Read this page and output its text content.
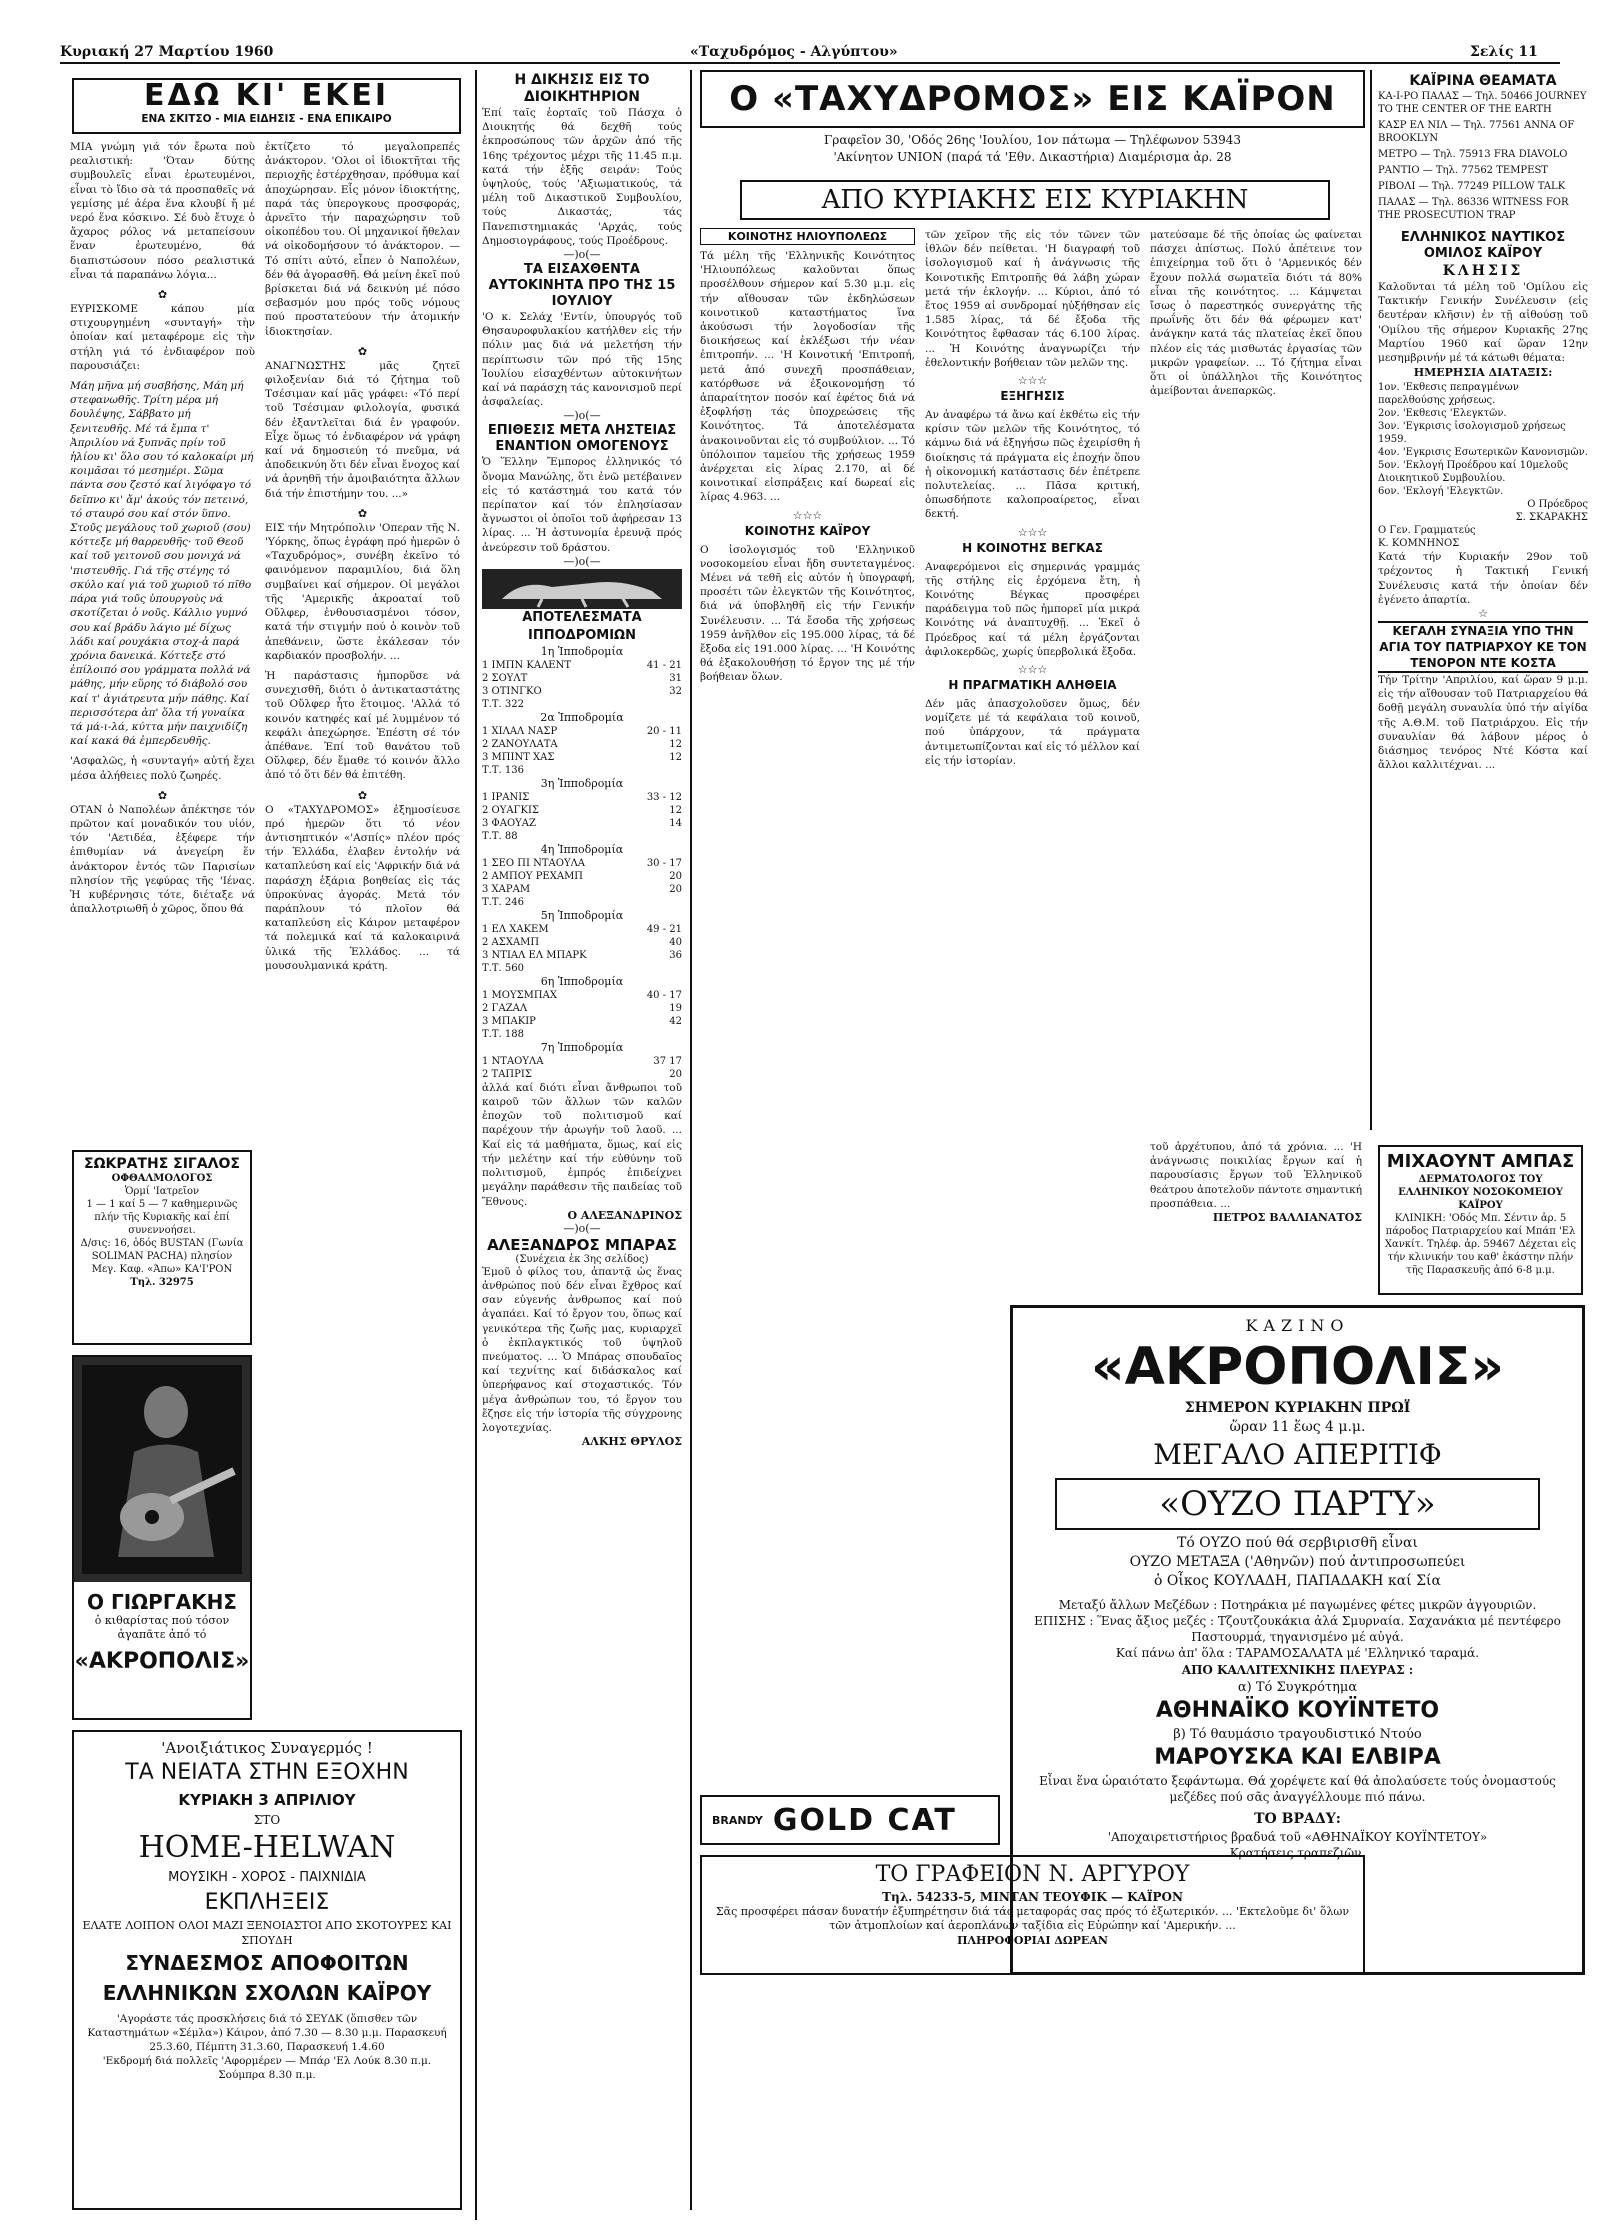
Κυριακή 27 Μαρτίου 1960	«Ταχυδρόμος - Αλγύπτου»	Σελίς 11
ΕΔΩ ΚΙ' ΕΚΕΙ
ΕΝΑ ΣΚΙΤΣΟ - ΜΙΑ ΕΙΔΗΣΙΣ - ΕΝΑ ΕΠΙΚΑΙΡΟ

ΜΙΑ γνώμη γιά τόν ἔρωτα ποὺ ρεαλιστική: 'Όταν δύτης συμβουλεῖς εἶναι ἐρωτευμένοι, εἶναι τὸ ἴδιο σὰ τά προσπαθεῖς νά γεμίσης μέ ἀέρα ἕνα κλουβί ἤ μέ νερό ἕνα κόσκινο. Σέ δυὸ ἔτυχε ὁ ἄχαρος ρόλος νά μεταπείσουν ἕναν ἐρωτευμένο, θά διαπιστώσουν πόσο ρεαλιστικά εἶναι τά παραπάνω λόγια...

✿

ΕΥΡΙΣΚΟΜΕ κάπου μία στιχουργημένη «συνταγή» τὴν ὁποίαν καί μεταφέρομε εἰς τὴν στήλη γιά τό ἐνδιαφέρον ποὺ παρουσιάζει:

Μάη μῆνα μή συσβήσης, Μάη μή στεφανωθῆς. Τρίτη μέρα μή δουλέψης, Σάββατο μή ξενιτευθῆς. Μέ τά ἔμπα τ' Ἀπριλίου νά ξυπνᾶς πρίν τοῦ ἡλίου κι' ὅλο σου τό καλοκαίρι μή κοιμᾶσαι τό μεσημέρι. Σῶμα πάντα σου ζεστό καί λιγόφαγο τό δεῖπνο κι' ἄμ' ἀκούς τόν πετεινό, τό σταυρό σου καί στόν ὕπνο. Στοῦς μεγάλους τοῦ χωριοῦ (σου) κόττεξε μή θαρρευθῆς· τοῦ Θεοῦ καί τοῦ γειτονοῦ σου μονιχά νά 'πιστευθῆς. Γιά τῆς στέγης τό σκύλο καί γιά τοῦ χωριοῦ τό πῖθο πάρα γιά τοῦς ὑπουργοὺς νά σκοτίζεται ὁ νοῦς. Κάλλιο γυμνό σου καί βράδυ λάγιο μέ δίχως λάδι καί ρουχάκια στοχ-ἀ παρά χρόνια δανεικά. Κόττεξε στό ἐπίλοιπό σου γράμματα πολλά νά μάθης, μήν εὕρης τό διάβολό σου καί τ' ἀγιάτρευτα μήν πάθης. Καί περισσότερα ἀπ' ὅλα τή γυναίκα τά μά-ι-λά, κύττα μήν παιχνιδίζη καί κακά θά ἐμπερδευθῆς.

'Ασφαλῶς, ἡ «συνταγή» αὐτή ἔχει μέσα ἀλήθειες πολύ ζωηρές.

✿

ΟΤΑΝ ὁ Ναπολέων ἀπέκτησε τόν πρῶτον καί μοναδικόν του υἱόν, τόν 'Αετιδέα, ἐξέφερε τήν ἐπιθυμίαν νά ἀνεγείρη ἕν ἀνάκτορον ἐντός τῶν Παρισίων πλησίον τῆς γεφύρας τῆς 'Ιένας. Ἡ κυβέρνησις τότε, διέταξε νά ἀπαλλοτριωθῆ ὁ χῶρος, ὅπου θά

ἐκτίζετο τό μεγαλοπρεπές ἀνάκτορον. 'Ολοι οἱ ἰδιοκτῆται τῆς περιοχῆς ἐστέρχθησαν, πρόθυμα καί ἀποχώρησαν. Εἷς μόνον ἰδιοκτήτης, παρά τάς ὑπερογκους προσφοράς, ἀρνεῖτο τήν παραχώρησιν τοῦ οἰκοπέδου του. Οἱ μηχανικοί ἤθελαν νά οἰκοδομήσουν τό ἀνάκτορον. — Τό σπίτι αὐτό, εἶπεν ὁ Ναπολέων, δέν θά ἀγορασθῆ. Θά μείνη ἐκεῖ πού βρίσκεται διά νά δεικνύη μέ πόσο σεβασμόν μου πρός τοῦς νόμους πού προστατεύουν τήν ἀτομικήν ἰδιοκτησίαν.

✿

ΑΝΑΓΝΩΣΤΗΣ μᾶς ζητεῖ φιλοξενίαν διά τό ζήτημα τοῦ Τσέσιμαν καί μᾶς γράφει: «Τό περί τοῦ Τσέσιμαν φιλολογία, φυσικά δέν ἐξαντλεῖται διά ἐν γραφούν. Εἶχε ὅμως τό ἐνδιαφέρον νά γράφη καί νά δημοσιεύη τό πνεῦμα, νά ἀποδεικνύη ὅτι δέν εἶναι ἔνοχος καί νά ἀρνηθῆ τήν ἀμοιβαιότητα ἄλλων διά τήν ἐπιστήμην του. ...»

✿

ΕΙΣ τήν Μητρόπολιν 'Οπεραν τῆς Ν. 'Υόρκης, ὅπως ἐγράφη πρό ἡμερῶν ὁ «Ταχυδρόμος», συνέβη ἐκεῖνο τό φαινόμενον παραμιλίου, διά ὅλη συμβαίνει καί σήμερον. Οἱ μεγάλοι τῆς 'Αμερικῆς ἀκροαταί τοῦ Οὔλφερ, ἐνθουσιασμένοι τόσον, κατά τήν στιγμήν πού ὁ κοινὸν τοῦ ἀπεθάνειν, ὥστε ἐκάλεσαν τόν καρδιακόν προσβολήν. ...

Ἡ παράστασις ἠμπορῦσε νά συνεχισθῆ, διότι ὁ ἀντικαταστάτης τοῦ Οὔλφερ ἦτο ἕτοιμος. 'Αλλά τό κοινόν κατηφές καί μέ λυμμένον τό κεφάλι ἀπεχώρησε. Ἐπέστη σέ τόν ἀπέθανε. Ἐπί τοῦ θανάτου τοῦ Οὔλφερ, δέν ἔμαθε τό κοινόν ἄλλο ἀπό τό ὅτι δέν θά ἐπιτέθη.

✿

Ο «ΤΑΧΥΔΡΟΜΟΣ» ἐξημοσίευσε πρό ἡμερῶν ὅτι τό νέον ἀντισηπτικόν «'Ασπίς» πλέον πρός τήν Ἑλλάδα, ἐλαβεν ἐντολήν νά καταπλεύση καί εἰς 'Αφρικήν διά νά παράσχη ἐξάρια βοηθείας εἰς τάς ὑπροκύνας ἀγοράς. Μετά τόν παράπλουν τό πλοῖον θά καταπλεύση εἰς Κάιρον μεταφέρον τά πολεμικά καί τά καλοκαιρινά ὑλικά τῆς Ἑλλάδος. ... τά μουσουλμανικά κράτη.

ΣΩΚΡΑΤΗΣ ΣΙΓΑΛΟΣ
ΟΦΘΑΛΜΟΛΟΓΟΣ
Ὁρμί 'Ιατρεῖον
1 — 1 καί 5 — 7 καθημερινῶς πλήν τῆς Κυριακῆς καί ἐπί συνεννοήσει.
Δ/σις: 16, ὁδός BUSTAN (Γωνία SOLIMAN PACHA) πλησίον Μεγ. Καφ. «Άπω» ΚΑ'Ι'ΡΟΝ
Τηλ. 32975
Ο ΓΙΩΡΓΑΚΗΣ
ὁ κιθαρίστας πού τόσον ἀγαπᾶτε ἀπό τό
«ΑΚΡΟΠΟΛΙΣ»
'Ανοιξιάτικος Συναγερμός !
ΤΑ ΝΕΙΑΤΑ ΣΤΗΝ ΕΞΟΧΗΝ
ΚΥΡΙΑΚΗ 3 ΑΠΡΙΛΙΟΥ
ΣΤΟ
HOME-HELWAN
ΜΟΥΣΙΚΗ - ΧΟΡΟΣ - ΠΑΙΧΝΙΔΙΑ
ΕΚΠΛΗΞΕΙΣ
ΕΛΑΤΕ ΛΟΙΠΟΝ ΟΛΟΙ ΜΑΖΙ ΞΕΝΟΙΑΣΤΟΙ ΑΠΟ ΣΚΟΤΟΥΡΕΣ ΚΑΙ ΣΠΟΥΔΗ
ΣΥΝΔΕΣΜΟΣ ΑΠΟΦΟΙΤΩΝ
ΕΛΛΗΝΙΚΩΝ ΣΧΟΛΩΝ ΚΑΪΡΟΥ
'Αγοράστε τάς προσκλήσεις διά τό ΣΕΥΔΚ (ὅπισθεν τῶν Καταστημάτων «Σέμλα») Κάιρον, ἀπό 7.30 — 8.30 μ.μ. Παρασκευή 25.3.60, Πέμπτη 31.3.60, Παρασκευή 1.4.60
'Εκδρομή διά πολλεῖς 'Αφορμέρεν — Μπάρ 'Ελ Λούκ 8.30 π.μ. Σούμπρα 8.30 π.μ.
Η ΔΙΚΗΣΙΣ ΕΙΣ ΤΟ ΔΙΟΙΚΗΤΗΡΙΟΝ
Ἐπί ταῖς ἑορταῖς τοῦ Πάσχα ὁ Διοικητής θά δεχθῆ τούς ἐκπροσώπους τῶν ἀρχῶν ἀπό τῆς 16ης τρέχοντος μέχρι τῆς 11.45 π.μ. κατά τήν ἑξῆς σειράν: Τούς ὑψηλούς, τούς 'Αξιωματικούς, τά μέλη τοῦ Δικαστικοῦ Συμβουλίου, τούς Δικαστάς, τάς Πανεπιστημιακάς 'Αρχάς, τούς Δημοσιογράφους, τούς Προέδρους.
—)o(—
ΤΑ ΕΙΣΑΧΘΕΝΤΑ ΑΥΤΟΚΙΝΗΤΑ ΠΡΟ ΤΗΣ 15 ΙΟΥΛΙΟΥ
'Ο κ. Σελάχ 'Εντίν, ὑπουργός τοῦ Θησαυροφυλακίου κατήλθεν εἰς τήν πόλιν μας διά νά μελετήση τήν περίπτωσιν τῶν πρό τῆς 15ης Ἰουλίου εἰσαχθέντων αὐτοκινήτων καί νά παράσχη τάς κανονισμοῦ περί ἀσφαλείας.
—)o(—
ΕΠΙΘΕΣΙΣ ΜΕΤΑ ΛΗΣΤΕΙΑΣ ΕΝΑΝΤΙΟΝ ΟΜΟΓΕΝΟΥΣ
Ὁ Ἕλλην Ἔμπορος ἐλληνικός τό ὄνομα Μανώλης, ὅτι ἐνῶ μετέβαινεν εἰς τό κατάστημά του κατά τόν περίπατον καί τόν ἐπλησίασαν ἄγνωστοι οἱ ὁποῖοι τοῦ ἀφήρεσαν 13 λίρας. ... Ἡ ἀστυνομία ἐρευνᾷ πρός ἀνεύρεσιν τοῦ δράστου.
—)o(—
ΑΠΟΤΕΛΕΣΜΑΤΑ ΙΠΠΟΔΡΟΜΙΩΝ
1η Ἱπποδρομία
1 ΙΜΠΝ ΚΑΛΕΝΤ	41 - 21
2 ΣΟΥΛΤ	31
3 ΟΤΙΝΓΚΟ	32
Τ.Τ. 322
2α Ἱπποδρομία
1 ΧΙΛΑΛ ΝΑΣΡ	20 - 11
2 ΖΑΝΟΥΛΑΤΑ	12
3 ΜΠΙΝΤ ΧΑΣ	12
Τ.Τ. 136
3η Ἱπποδρομία
1 ΙΡΑΝΙΣ	33 - 12
2 ΟΥΑΓΚΙΣ	12
3 ΦΑΟΥΑΖ	14
Τ.Τ. 88
4η Ἱπποδρομία
1 ΣΕΟ ΠΙ ΝΤΑΟΥΛΑ	30 - 17
2 ΑΜΠΟΥ ΡΕΧΑΜΠ	20
3 ΧΑΡΑΜ	20
Τ.Τ. 246
5η Ἱπποδρομία
1 ΕΛ ΧΑΚΕΜ	49 - 21
2 ΑΣΧΑΜΠ	40
3 ΝΤΙΑΛ ΕΛ ΜΠΑΡΚ	36
Τ.Τ. 560
6η Ἱπποδρομία
1 ΜΟΥΣΜΠΑΧ	40 - 17
2 ΓΑΖΑΛ	19
3 ΜΠΑΚΙΡ	42
Τ.Τ. 188
7η Ἱπποδρομία
1 ΝΤΑΟΥΛΑ	37 17
2 ΤΑΠΡΙΣ	20
ἀλλά καί διότι εἶναι ἄνθρωποι τοῦ καιροῦ τῶν ἄλλων τῶν καλῶν ἐποχῶν τοῦ πολιτισμοῦ καί παρέχουν τήν ἀρωγήν τοῦ λαοῦ. ... Καί εἰς τά μαθήματα, ὅμως, καί εἰς τήν μελέτην καί τήν εὐθύνην τοῦ πολιτισμοῦ, ἐμπρός ἐπιδείχνει μεγάλην παράθεσιν τῆς παιδείας τοῦ Ἔθνους.
Ο ΑΛΕΞΑΝΔΡΙΝΟΣ
—)o(—
ΑΛΕΞΑΝΔΡΟΣ ΜΠΑΡΑΣ
(Συνέχεια ἐκ 3ης σελίδος)
Ἐμοῦ ὁ φίλος του, ἀπαντᾷ ὡς ἕνας ἀνθρώπος πού δέν εἶναι ἔχθρος καί σαν εὐγενής ἀνθρωπος καί πού ἀγαπάει. Καί τό ἔργον του, ὅπως καί γενικότερα τῆς ζωῆς μας, κυριαρχεῖ ὁ ἐκπλαγκτικός τοῦ ὑψηλοῦ πνεύματος. ... Ὁ Μπάρας σπουδαῖος καί τεχνίτης καί διδάσκαλος καί ὑπερήφανος καί στοχαστικός. Τόν μέγα ἀνθρώπων του, τό ἔργον του ἔζησε εἰς τήν ἱστορία τῆς σύγχρονης λογοτεχνίας.
ΑΛΚΗΣ ΘΡΥΛΟΣ
Ο «ΤΑΧΥΔΡΟΜΟΣ» ΕΙΣ ΚΑΪΡΟΝ
Γραφεῖον 30, 'Οδός 26ης 'Ιουλίου, 1ον πάτωμα — Τηλέφωνον 53943
'Ακίνητον UNION (παρά τά 'Εθν. Δικαστήρια) Διαμέρισμα ἀρ. 28
ΑΠΟ ΚΥΡΙΑΚΗΣ ΕΙΣ ΚΥΡΙΑΚΗΝ
ΚΟΙΝΟΤΗΣ ΗΛΙΟΥΠΟΛΕΩΣ

Τά μέλη τῆς 'Ελληνικῆς Κοινότητος 'Ηλιουπόλεως καλοῦνται ὅπως προσέλθουν σήμερον καί 5.30 μ.μ. εἰς τήν αἴθουσαν τῶν ἐκδηλώσεων κοινοτικοῦ καταστήματος ἵνα ἀκούσωσι τήν λογοδοσίαν τῆς διοικήσεως καί ἐκλέξωσι τήν νέαν ἐπιτροπήν. ... 'Η Κοινοτική 'Επιτροπή, μετά ἀπό συνεχῆ προσπάθειαν, κατόρθωσε νά ἐξοικονομήσῃ τό ἀπαραίτητον ποσόν καί ἐφέτος διά νά ἐξοφλήσῃ τάς ὑποχρεώσεις τῆς Κοινότητος. Τά ἀποτελέσματα ἀνακοινοῦνται εἰς τό συμβούλιον. ... Τό ὑπόλοιπον ταμείου τῆς χρήσεως 1959 ἀνέρχεται εἰς λίρας 2.170, αἱ δέ κοινοτικαί εἰσπράξεις καί δωρεαί εἰς λίρας 4.963. ...

☆☆☆
ΚΟΙΝΟΤΗΣ ΚΑΪΡΟΥ

Ο ἰσολογισμός τοῦ 'Ελληνικοῦ νοσοκομείου εἶναι ἤδη συντεταγμένος. Μένει νά τεθῆ εἰς αὐτόν ἡ ὑπογραφή, προσέτι τῶν ἐλεγκτῶν τῆς Κοινότητος, διά νά ὑποβληθῆ εἰς τήν Γενικήν Συνέλευσιν. ... Τά ἔσοδα τῆς χρήσεως 1959 ἀνῆλθον εἰς 195.000 λίρας, τά δέ ἔξοδα εἰς 191.000 λίρας. ... 'Η Κοινότης θά ἐξακολουθήσῃ τό ἔργον της μέ τήν βοήθειαν ὅλων.

τῶν χεῖρον τῆς εἰς τόν τῶνεν τῶν ἰθλῶν δέν πείθεται. 'Η διαγραφή τοῦ ἰσολογισμοῦ καί ἡ ἀνάγνωσις τῆς Κοινοτικῆς Επιτροπῆς θά λάβη χώραν μετά τήν ἐκλογήν. ... Κύριοι, ἀπό τό ἔτος 1959 αἱ συνδρομαί ηὐξήθησαν εἰς 1.585 λίρας, τά δέ ἔξοδα τῆς Κοινότητος ἔφθασαν τάς 6.100 λίρας. ... Ἡ Κοινότης ἀναγνωρίζει τήν ἐθελοντικήν βοήθειαν τῶν μελῶν της.

☆☆☆
ΕΞΗΓΗΣΙΣ

Αν ἀναφέρω τά ἄνω καί ἐκθέτω εἰς τήν κρίσιν τῶν μελῶν τῆς Κοινότητος, τό κάμνω διά νά ἐξηγήσω πῶς ἐχειρίσθη ἡ διοίκησις τά πράγματα εἰς ἐποχήν ὅπου ἡ οἰκονομική κατάστασις δέν ἐπέτρεπε πολυτελείας. ... Πᾶσα κριτική, ὁπωσδήποτε καλοπροαίρετος, εἶναι δεκτή.

☆☆☆
Η ΚΟΙΝΟΤΗΣ ΒΕΓΚΑΣ

Αναφερόμενοι εἰς σημερινάς γραμμάς τῆς στήλης εἰς ἐρχόμενα ἔτη, ἡ Κοινότης Βέγκας προσφέρει παράδειγμα τοῦ πῶς ἠμπορεῖ μία μικρά Κοινότης νά ἀναπτυχθῇ. ... Ἐκεῖ ὁ Πρόεδρος καί τά μέλη ἐργάζονται ἀφιλοκερδῶς, χωρίς ὑπερβολικά ἔξοδα.

☆☆☆
Η ΠΡΑΓΜΑΤΙΚΗ ΑΛΗΘΕΙΑ

Δέν μᾶς ἀπασχολοῦσεν ὅμως, δέν νομίζετε μέ τά κεφάλαια τοῦ κοινοῦ, πού ὑπάρχουν, τά πράγματα ἀντιμετωπίζονται καί εἰς τό μέλλον καί εἰς τήν ἱστορίαν.

ματεύσαμε δέ τῆς ὁποίας ὡς φαίνεται πάσχει ἀπίστως. Πολύ ἀπέτεινε τον ἐπιχείρημα τοῦ ὅτι ὁ 'Αρμενικός δέν ἔχουν πολλά σωματεῖα διότι τά 80% εἶναι τῆς κοινότητος. ... Κάμψεται ἴσως ὁ παρεστηκός συνεργάτης τῆς πρωΐνῆς ὅτι δέν θά φέρωμεν κατ' ἀνάγκην κατά τάς πλατείας ἐκεῖ ὅπου πλέον εἰς τάς μισθωτάς ἐργασίας τῶν μικρῶν γραφείων. ... Τό ζήτημα εἶναι ὅτι οἱ ὑπάλληλοι τῆς Κοινότητος ἀμείβονται ἀνεπαρκῶς.

BRANDY GOLD CAT
ΤΟ ΓΡΑΦΕΙΟΝ Ν. ΑΡΓΥΡΟΥ
Τηλ. 54233-5, ΜΙΝΤΑΝ ΤΕΟΥΦΙΚ — ΚΑΪΡΟΝ
Σᾶς προσφέρει πάσαν δυνατήν ἐξυπηρέτησιν διά τάς μεταφοράς σας πρός τό ἐξωτερικόν. ... 'Εκτελοῦμε δι' ὅλων τῶν ἀτμοπλοίων καί ἀεροπλάνων ταξίδια εἰς Εὐρώπην καί 'Αμερικήν. ...
ΠΛΗΡΟΦΟΡΙΑΙ ΔΩΡΕΑΝ
ΚΑΪΡΙΝΑ ΘΕΑΜΑΤΑ
ΚΑ-Ι-ΡΟ ΠΑΛΑΣ — Τηλ. 50466 JOURNEY TO THE CENTER OF THE EARTH
ΚΑΣΡ ΕΛ ΝΙΛ — Τηλ. 77561 ANNA OF BROOKLYN
ΜΕΤΡΟ — Τηλ. 75913 FRA DIAVOLO
ΡΑΝΤΙΟ — Τηλ. 77562 TEMPEST
ΡΙΒΟΛΙ — Τηλ. 77249 PILLOW TALK
ΠΑΛΑΣ — Τηλ. 86336 WITNESS FOR THE PROSECUTION TRAP
ΕΛΛΗΝΙΚΟΣ ΝΑΥΤΙΚΟΣ ΟΜΙΛΟΣ ΚΑΪΡΟΥ
ΚΛΗΣΙΣ
Καλοῦνται τά μέλη τοῦ 'Ομίλου εἰς Τακτικήν Γενικήν Συνέλευσιν (εἰς δευτέραν κλῆσιν) ἐν τῇ αἰθούσῃ τοῦ 'Ομίλου τῆς σήμερον Κυριακῆς 27ης Μαρτίου 1960 καί ὥραν 12ην μεσημβρινήν μέ τά κάτωθι θέματα:
ΗΜΕΡΗΣΙΑ ΔΙΑΤΑΞΙΣ:
1ον. 'Εκθεσις πεπραγμένων παρελθούσης χρήσεως.
2ον. 'Εκθεσις 'Ελεγκτῶν.
3ον. 'Εγκρισις ἰσολογισμοῦ χρήσεως 1959.
4ον. 'Εγκρισις Εσωτερικῶν Κανονισμῶν.
5ον. 'Εκλογή Προέδρου καί 10μελοῦς Διοικητικοῦ Συμβουλίου.
6ον. 'Εκλογή 'Ελεγκτῶν.
Ο Πρόεδρος
Σ. ΣΚΑΡΑΚΗΣ
Ο Γεν. Γραμματεύς
Κ. ΚΟΜΝΗΝΟΣ
Κατά τήν Κυριακήν 29ον τοῦ τρέχοντος ἡ Τακτική Γενική Συνέλευσις κατά τήν ὁποίαν δέν ἐγένετο ἀπαρτία.
☆
ΚΕΓΑΛΗ ΣΥΝΑΞΙΑ ΥΠΟ ΤΗΝ ΑΓΙΑ ΤΟΥ ΠΑΤΡΙΑΡΧΟΥ ΚΕ ΤΟΝ ΤΕΝΟΡΟΝ ΝΤΕ ΚΟΣΤΑ
Τήν Τρίτην 'Απριλίου, καί ὥραν 9 μ.μ. εἰς τήν αἴθουσαν τοῦ Πατριαρχείου θά δοθῇ μεγάλη συναυλία ὑπό τήν αἰγίδα τῆς Α.Θ.Μ. τοῦ Πατριάρχου. Εἰς τήν συναυλίαν θά λάβουν μέρος ὁ διάσημος τενόρος Ντέ Κόστα καί ἄλλοι καλλιτέχναι. ...
ΜΙΧΑΟΥΝΤ ΑΜΠΑΣ
ΔΕΡΜΑΤΟΛΟΓΟΣ ΤΟΥ ΕΛΛΗΝΙΚΟΥ ΝΟΣΟΚΟΜΕΙΟΥ ΚΑΪΡΟΥ
ΚΛΙΝΙΚΗ: 'Οδός Μπ. Σέντιν ἀρ. 5 πάροδος Πατριαρχείου καί Μπάπ 'Ελ Χανκίτ. Τηλέφ. ἀρ. 59467 Δέχεται εἰς τήν κλινικήν του καθ' ἑκάστην πλήν τῆς Παρασκευῆς ἀπό 6-8 μ.μ.

τοῦ ἀρχέτυπου, ἀπό τά χρόνια. ... 'Η ἀνάγνωσις ποικιλίας ἔργων καί ἡ παρουσίασις ἔργων τοῦ Ἑλληνικοῦ θεάτρου ἀποτελοῦν πάντοτε σημαντική προσπάθεια. ...

ΠΕΤΡΟΣ ΒΑΛΛΙΑΝΑΤΟΣ
ΚΑΖΙΝΟ
«ΑΚΡΟΠΟΛΙΣ»
ΣΗΜΕΡΟΝ ΚΥΡΙΑΚΗΝ ΠΡΩΪ
ὥραν 11 ἕως 4 μ.μ.
ΜΕΓΑΛΟ ΑΠΕΡΙΤΙΦ
«ΟΥΖΟ ΠΑΡΤΥ»
Τό ΟΥΖΟ πού θά σερβιρισθῆ εἶναι
ΟΥΖΟ ΜΕΤΑΞΑ ('Αθηνῶν) πού ἀντιπροσωπεύει
ὁ Οἶκος ΚΟΥΛΑΔΗ, ΠΑΠΑΔΑΚΗ καί Σία
Μεταξύ ἄλλων Μεζέδων : Ποτηράκια μέ παγωμένες φέτες μικρῶν ἀγγουριῶν.
ΕΠΙΣΗΣ : Ἕνας ἄξιος μεζές : Τζουτζουκάκια ἀλά Σμυρναία. Σαχανάκια μέ πεντέφερο Παστουρμά, τηγανισμένο μέ αὐγά.
Καί πάνω ἀπ' ὅλα : ΤΑΡΑΜΟΣΑΛΑΤΑ μέ 'Ελληνικό ταραμά.
ΑΠΟ ΚΑΛΛΙΤΕΧΝΙΚΗΣ ΠΛΕΥΡΑΣ :
α) Τό Συγκρότημα
ΑΘΗΝΑΪΚΟ ΚΟΥΪΝΤΕΤΟ
β) Τό θαυμάσιο τραγουδιστικό Ντούο
ΜΑΡΟΥΣΚΑ ΚΑΙ ΕΛΒΙΡΑ
Εἶναι ἕνα ὡραιότατο ξεφάντωμα. Θά χορέψετε καί θά ἀπολαύσετε τούς ὀνομαστούς μεζέδες πού σᾶς ἀναγγέλλουμε πιό πάνω.
ΤΟ ΒΡΑΔΥ:
'Αποχαιρετιστήριος βραδυά τοῦ «ΑΘΗΝΑΪΚΟΥ ΚΟΥΪΝΤΕΤΟΥ»
Κρατήσεις τραπεζιῶν.
